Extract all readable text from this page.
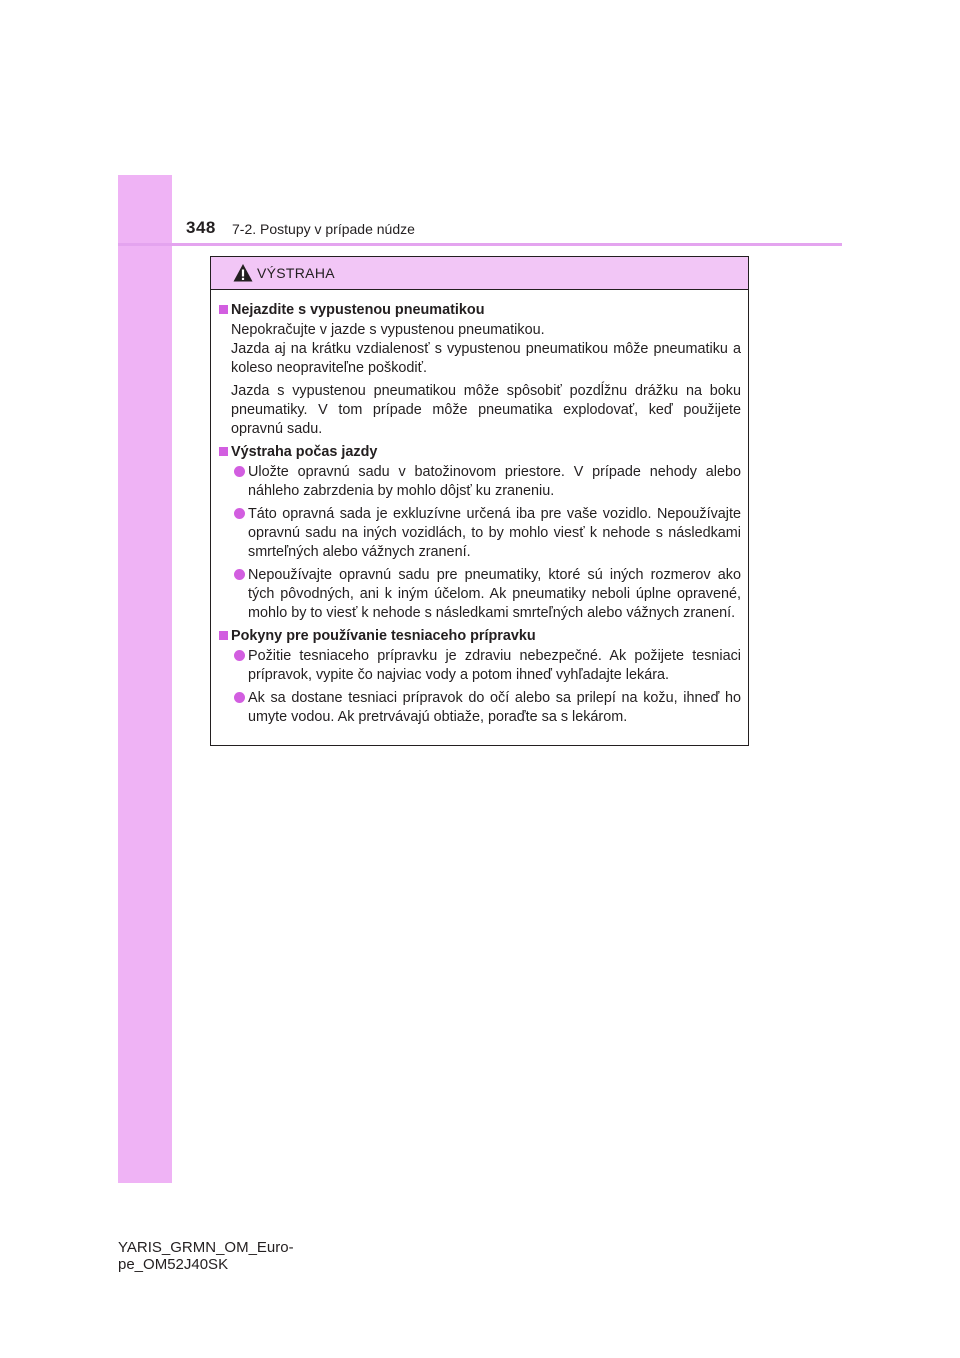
348 7-2. Postupy v prípade núdze
VÝSTRAHA
Nejazdite s vypustenou pneumatikou
Nepokračujte v jazde s vypustenou pneumatikou.
Jazda aj na krátku vzdialenosť s vypustenou pneumatikou môže pneumatiku a koleso neopraviteľne poškodiť.
Jazda s vypustenou pneumatikou môže spôsobiť pozdĺžnu drážku na boku pneumatiky. V tom prípade môže pneumatika explodovať, keď použijete opravnú sadu.
Výstraha počas jazdy
Uložte opravnú sadu v batožinovom priestore. V prípade nehody alebo náhleho zabrzdenia by mohlo dôjsť ku zraneniu.
Táto opravná sada je exkluzívne určená iba pre vaše vozidlo. Nepoužívajte opravnú sadu na iných vozidlách, to by mohlo viesť k nehode s následkami smrteľných alebo vážnych zranení.
Nepoužívajte opravnú sadu pre pneumatiky, ktoré sú iných rozmerov ako tých pôvodných, ani k iným účelom. Ak pneumatiky neboli úplne opravené, mohlo by to viesť k nehode s následkami smrteľných alebo vážnych zranení.
Pokyny pre používanie tesniaceho prípravku
Požitie tesniaceho prípravku je zdraviu nebezpečné. Ak požijete tesniaci prípravok, vypite čo najviac vody a potom ihneď vyhľadajte lekára.
Ak sa dostane tesniaci prípravok do očí alebo sa prilepí na kožu, ihneď ho umyte vodou. Ak pretrvávajú obtiaže, poraďte sa s lekárom.
YARIS_GRMN_OM_Euro-
pe_OM52J40SK
